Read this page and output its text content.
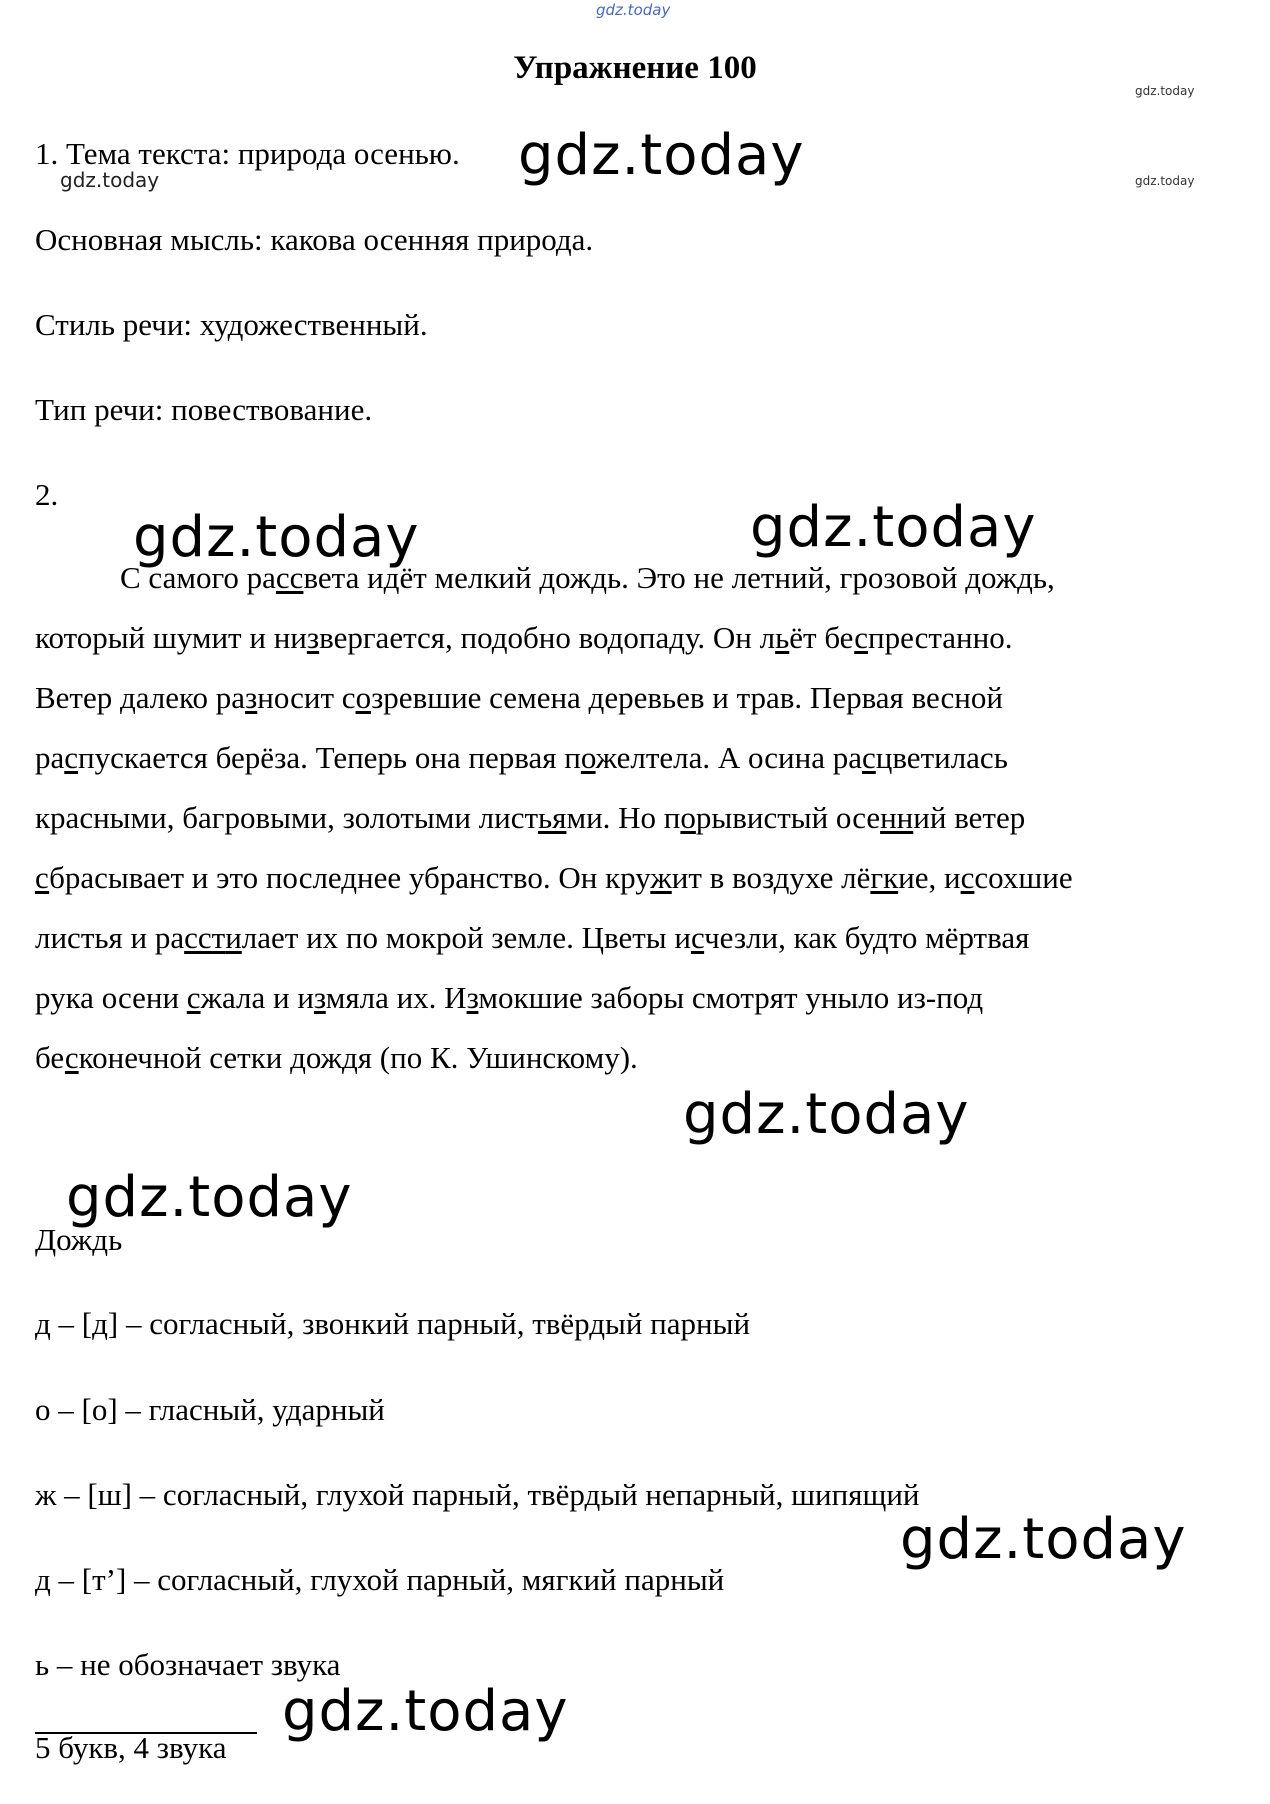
gdz.today
Упражнение 100
gdz.today
1. Тема текста: природа осенью. gdz.today
gdz.today	gdz.today
Основная мысль: какова осенняя природа.
Стиль речи: художественный.
Тип речи: повествование.
2.
gdz.today	gdz.today
С самого рассвета идёт мелкий дождь. Это не летний, грозовой дождь,
который шумит и низвергается, подобно водопаду. Он льёт беспрестанно.
Ветер далеко разносит созревшие семена деревьев и трав. Первая весной
распускается берёза. Теперь она первая пожелтела. А осина расцветилась
красными, багровыми, золотыми листьями. Но порывистый осенний ветер
сбрасывает и это последнее убранство. Он кружит в воздухе лёгкие, иссохшие
листья и расстилает их по мокрой земле. Цветы исчезли, как будто мёртвая
рука осени сжала и измяла их. Измокшие заборы смотрят уныло из-под
бесконечной сетки дождя (по К. Ушинскому).
gdz.today
gdz.today
Дождь
д – [д] – согласный, звонкий парный, твёрдый парный
о – [о] – гласный, ударный
ж – [ш] – согласный, глухой парный, твёрдый непарный, шипящий
gdz.today
д – [т’] – согласный, глухой парный, мягкий парный
ь – не обозначает звука
gdz.today
5 букв, 4 звука
